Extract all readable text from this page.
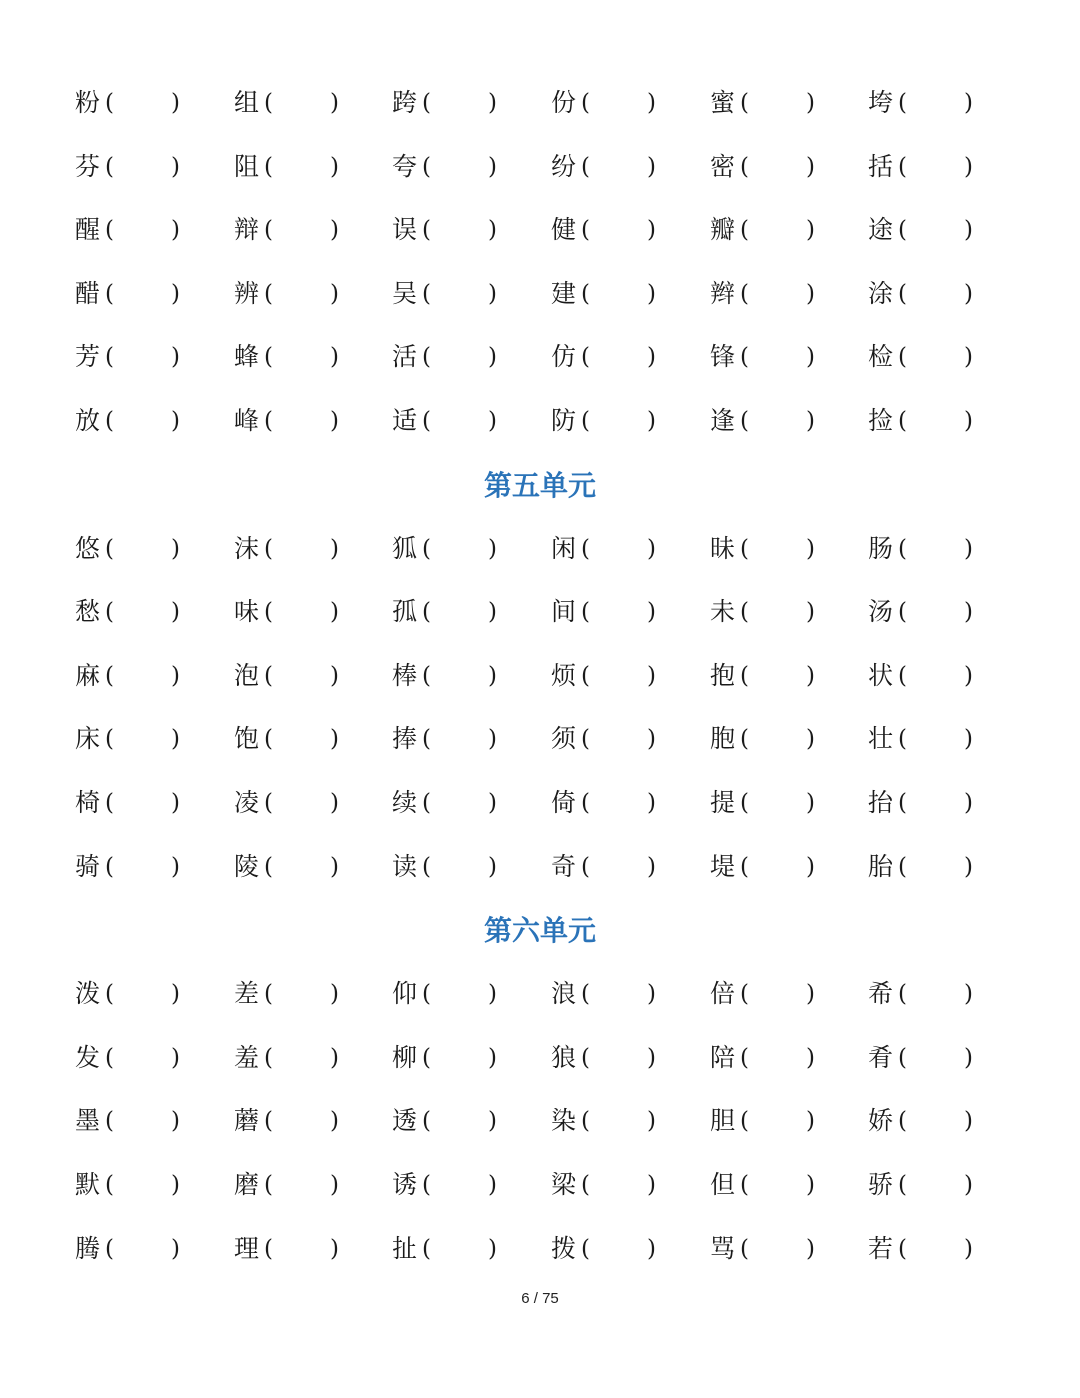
粉 ( ) 组 ( ) 跨 ( ) 份 ( ) 蜜 ( ) 垮 ( )
芬 ( ) 阻 ( ) 夸 ( ) 纷 ( ) 密 ( ) 括 ( )
醒 ( ) 辩 ( ) 误 ( ) 健 ( ) 瓣 ( ) 途 ( )
醋 ( ) 辨 ( ) 吴 ( ) 建 ( ) 辫 ( ) 涂 ( )
芳 ( ) 蜂 ( ) 活 ( ) 仿 ( ) 锋 ( ) 检 ( )
放 ( ) 峰 ( ) 适 ( ) 防 ( ) 逢 ( ) 捡 ( )
第五单元
悠 ( ) 沫 ( ) 狐 ( ) 闲 ( ) 昧 ( ) 肠 ( )
愁 ( ) 味 ( ) 孤 ( ) 间 ( ) 未 ( ) 汤 ( )
麻 ( ) 泡 ( ) 棒 ( ) 烦 ( ) 抱 ( ) 状 ( )
床 ( ) 饱 ( ) 捧 ( ) 须 ( ) 胞 ( ) 壮 ( )
椅 ( ) 凌 ( ) 续 ( ) 倚 ( ) 提 ( ) 抬 ( )
骑 ( ) 陵 ( ) 读 ( ) 奇 ( ) 堤 ( ) 胎 ( )
第六单元
泼 ( ) 差 ( ) 仰 ( ) 浪 ( ) 倍 ( ) 希 ( )
发 ( ) 羞 ( ) 柳 ( ) 狼 ( ) 陪 ( ) 肴 ( )
墨 ( ) 蘑 ( ) 透 ( ) 染 ( ) 胆 ( ) 娇 ( )
默 ( ) 磨 ( ) 诱 ( ) 梁 ( ) 但 ( ) 骄 ( )
腾 ( ) 理 ( ) 扯 ( ) 拨 ( ) 骂 ( ) 若 ( )
6 / 75
